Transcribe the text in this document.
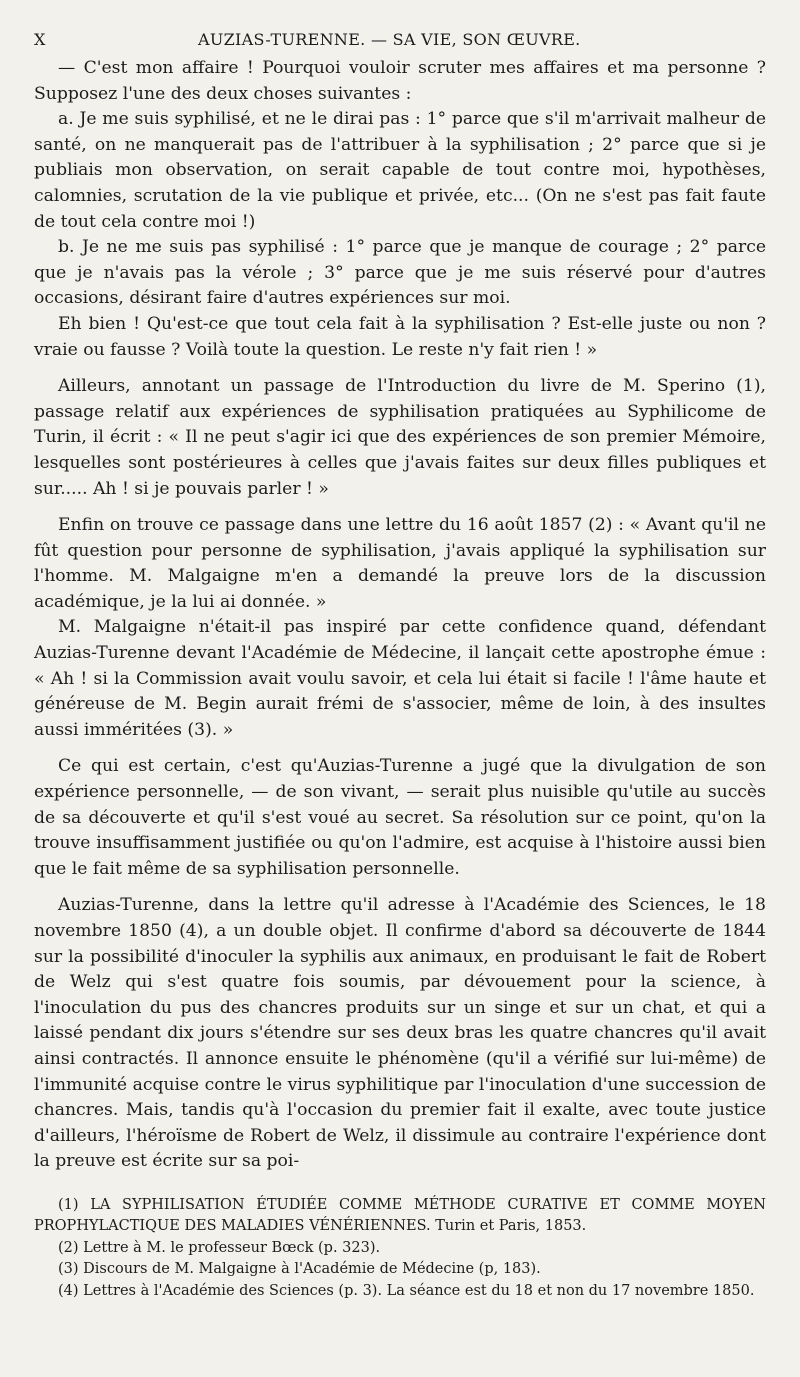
X	AUZIAS-TURENNE. — SA VIE, SON ŒUVRE.

— C'est mon affaire ! Pourquoi vouloir scruter mes affaires et ma personne ? Supposez l'une des deux choses suivantes :

a. Je me suis syphilisé, et ne le dirai pas : 1° parce que s'il m'arrivait malheur de santé, on ne manquerait pas de l'attribuer à la syphilisation ; 2° parce que si je publiais mon observation, on serait capable de tout contre moi, hypothèses, calomnies, scrutation de la vie publique et privée, etc... (On ne s'est pas fait faute de tout cela contre moi !)

b. Je ne me suis pas syphilisé : 1° parce que je manque de courage ; 2° parce que je n'avais pas la vérole ; 3° parce que je me suis réservé pour d'autres occasions, désirant faire d'autres expériences sur moi.

Eh bien ! Qu'est-ce que tout cela fait à la syphilisation ? Est-elle juste ou non ? vraie ou fausse ? Voilà toute la question. Le reste n'y fait rien ! »

Ailleurs, annotant un passage de l'Introduction du livre de M. Sperino (1), passage relatif aux expériences de syphilisation pratiquées au Syphilicome de Turin, il écrit : « Il ne peut s'agir ici que des expériences de son premier Mémoire, lesquelles sont postérieures à celles que j'avais faites sur deux filles publiques et sur..... Ah ! si je pouvais parler ! »

Enfin on trouve ce passage dans une lettre du 16 août 1857 (2) : « Avant qu'il ne fût question pour personne de syphilisation, j'avais appliqué la syphilisation sur l'homme. M. Malgaigne m'en a demandé la preuve lors de la discussion académique, je la lui ai donnée. »

M. Malgaigne n'était-il pas inspiré par cette confidence quand, défendant Auzias-Turenne devant l'Académie de Médecine, il lançait cette apostrophe émue : « Ah ! si la Commission avait voulu savoir, et cela lui était si facile ! l'âme haute et généreuse de M. Begin aurait frémi de s'associer, même de loin, à des insultes aussi imméritées (3). »

Ce qui est certain, c'est qu'Auzias-Turenne a jugé que la divulgation de son expérience personnelle, — de son vivant, — serait plus nuisible qu'utile au succès de sa découverte et qu'il s'est voué au secret. Sa résolution sur ce point, qu'on la trouve insuffisamment justifiée ou qu'on l'admire, est acquise à l'histoire aussi bien que le fait même de sa syphilisation personnelle.

Auzias-Turenne, dans la lettre qu'il adresse à l'Académie des Sciences, le 18 novembre 1850 (4), a un double objet. Il confirme d'abord sa découverte de 1844 sur la possibilité d'inoculer la syphilis aux animaux, en produisant le fait de Robert de Welz qui s'est quatre fois soumis, par dévouement pour la science, à l'inoculation du pus des chancres produits sur un singe et sur un chat, et qui a laissé pendant dix jours s'étendre sur ses deux bras les quatre chancres qu'il avait ainsi contractés. Il annonce ensuite le phénomène (qu'il a vérifié sur lui-même) de l'immunité acquise contre le virus syphilitique par l'inoculation d'une succession de chancres. Mais, tandis qu'à l'occasion du premier fait il exalte, avec toute justice d'ailleurs, l'héroïsme de Robert de Welz, il dissimule au contraire l'expérience dont la preuve est écrite sur sa poi-

(1) LA SYPHILISATION ÉTUDIÉE COMME MÉTHODE CURATIVE ET COMME MOYEN PROPHYLACTIQUE DES MALADIES VÉNÉRIENNES. Turin et Paris, 1853.

(2) Lettre à M. le professeur Bœck (p. 323).

(3) Discours de M. Malgaigne à l'Académie de Médecine (p, 183).

(4) Lettres à l'Académie des Sciences (p. 3). La séance est du 18 et non du 17 novembre 1850.
